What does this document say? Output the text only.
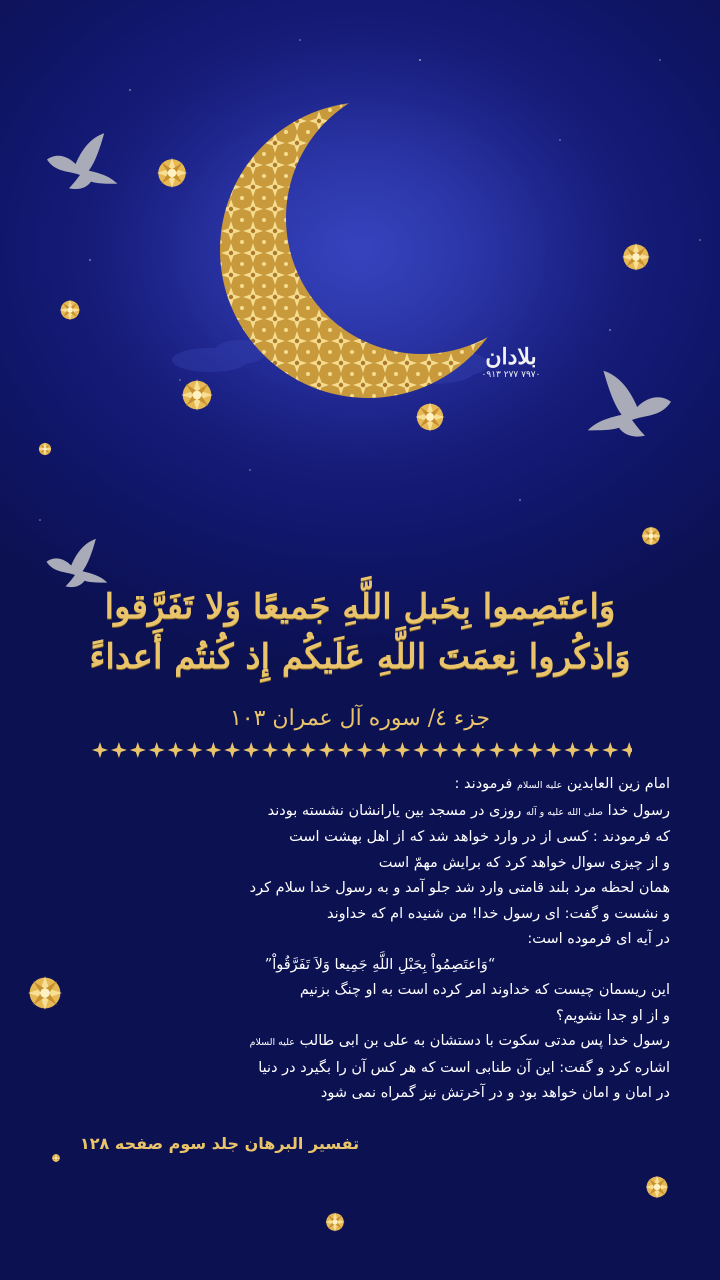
بلادان
۰۹۱۳ ۲۷۷ ۷۹۷۰
وَاعتَصِموا بِحَبلِ اللَّهِ جَميعًا وَلا تَفَرَّقوا
وَاذكُروا نِعمَتَ اللَّهِ عَلَيكُم إِذ كُنتُم أَعداءً
جزء ٤/ سوره آل عمران ١٠٣

امام زین العابدین علیه السلام فرمودند :

رسول خدا صلی الله علیه و آله روزی در مسجد بین یارانشان نشسته بودند

که فرمودند : کسی از در وارد خواهد شد که از اهل بهشت است

و از چیزی سوال خواهد کرد که برایش مهمّ است

همان لحظه مرد بلند قامتی وارد شد جلو آمد و به رسول خدا سلام کرد

و نشست و گفت: ای رسول خدا! من شنیده ام که خداوند

در آیه ای فرموده است:

“وَاعتَصِمُواْ بِحَبْلِ اللَّهِ جَمِيعا وَلاَ تَفَرَّقُواْ”

این ریسمان چیست که خداوند امر کرده است به او چنگ بزنیم

و از او جدا نشویم؟

رسول خدا پس مدتی سکوت با دستشان به علی بن ابی طالب علیه السلام

اشاره کرد و گفت: این آن طنابی است که هر کس آن را بگیرد در دنیا

در امان و امان خواهد بود و در آخرتش نیز گمراه نمی شود

تفسیر البرهان جلد سوم صفحه ۱۲۸
